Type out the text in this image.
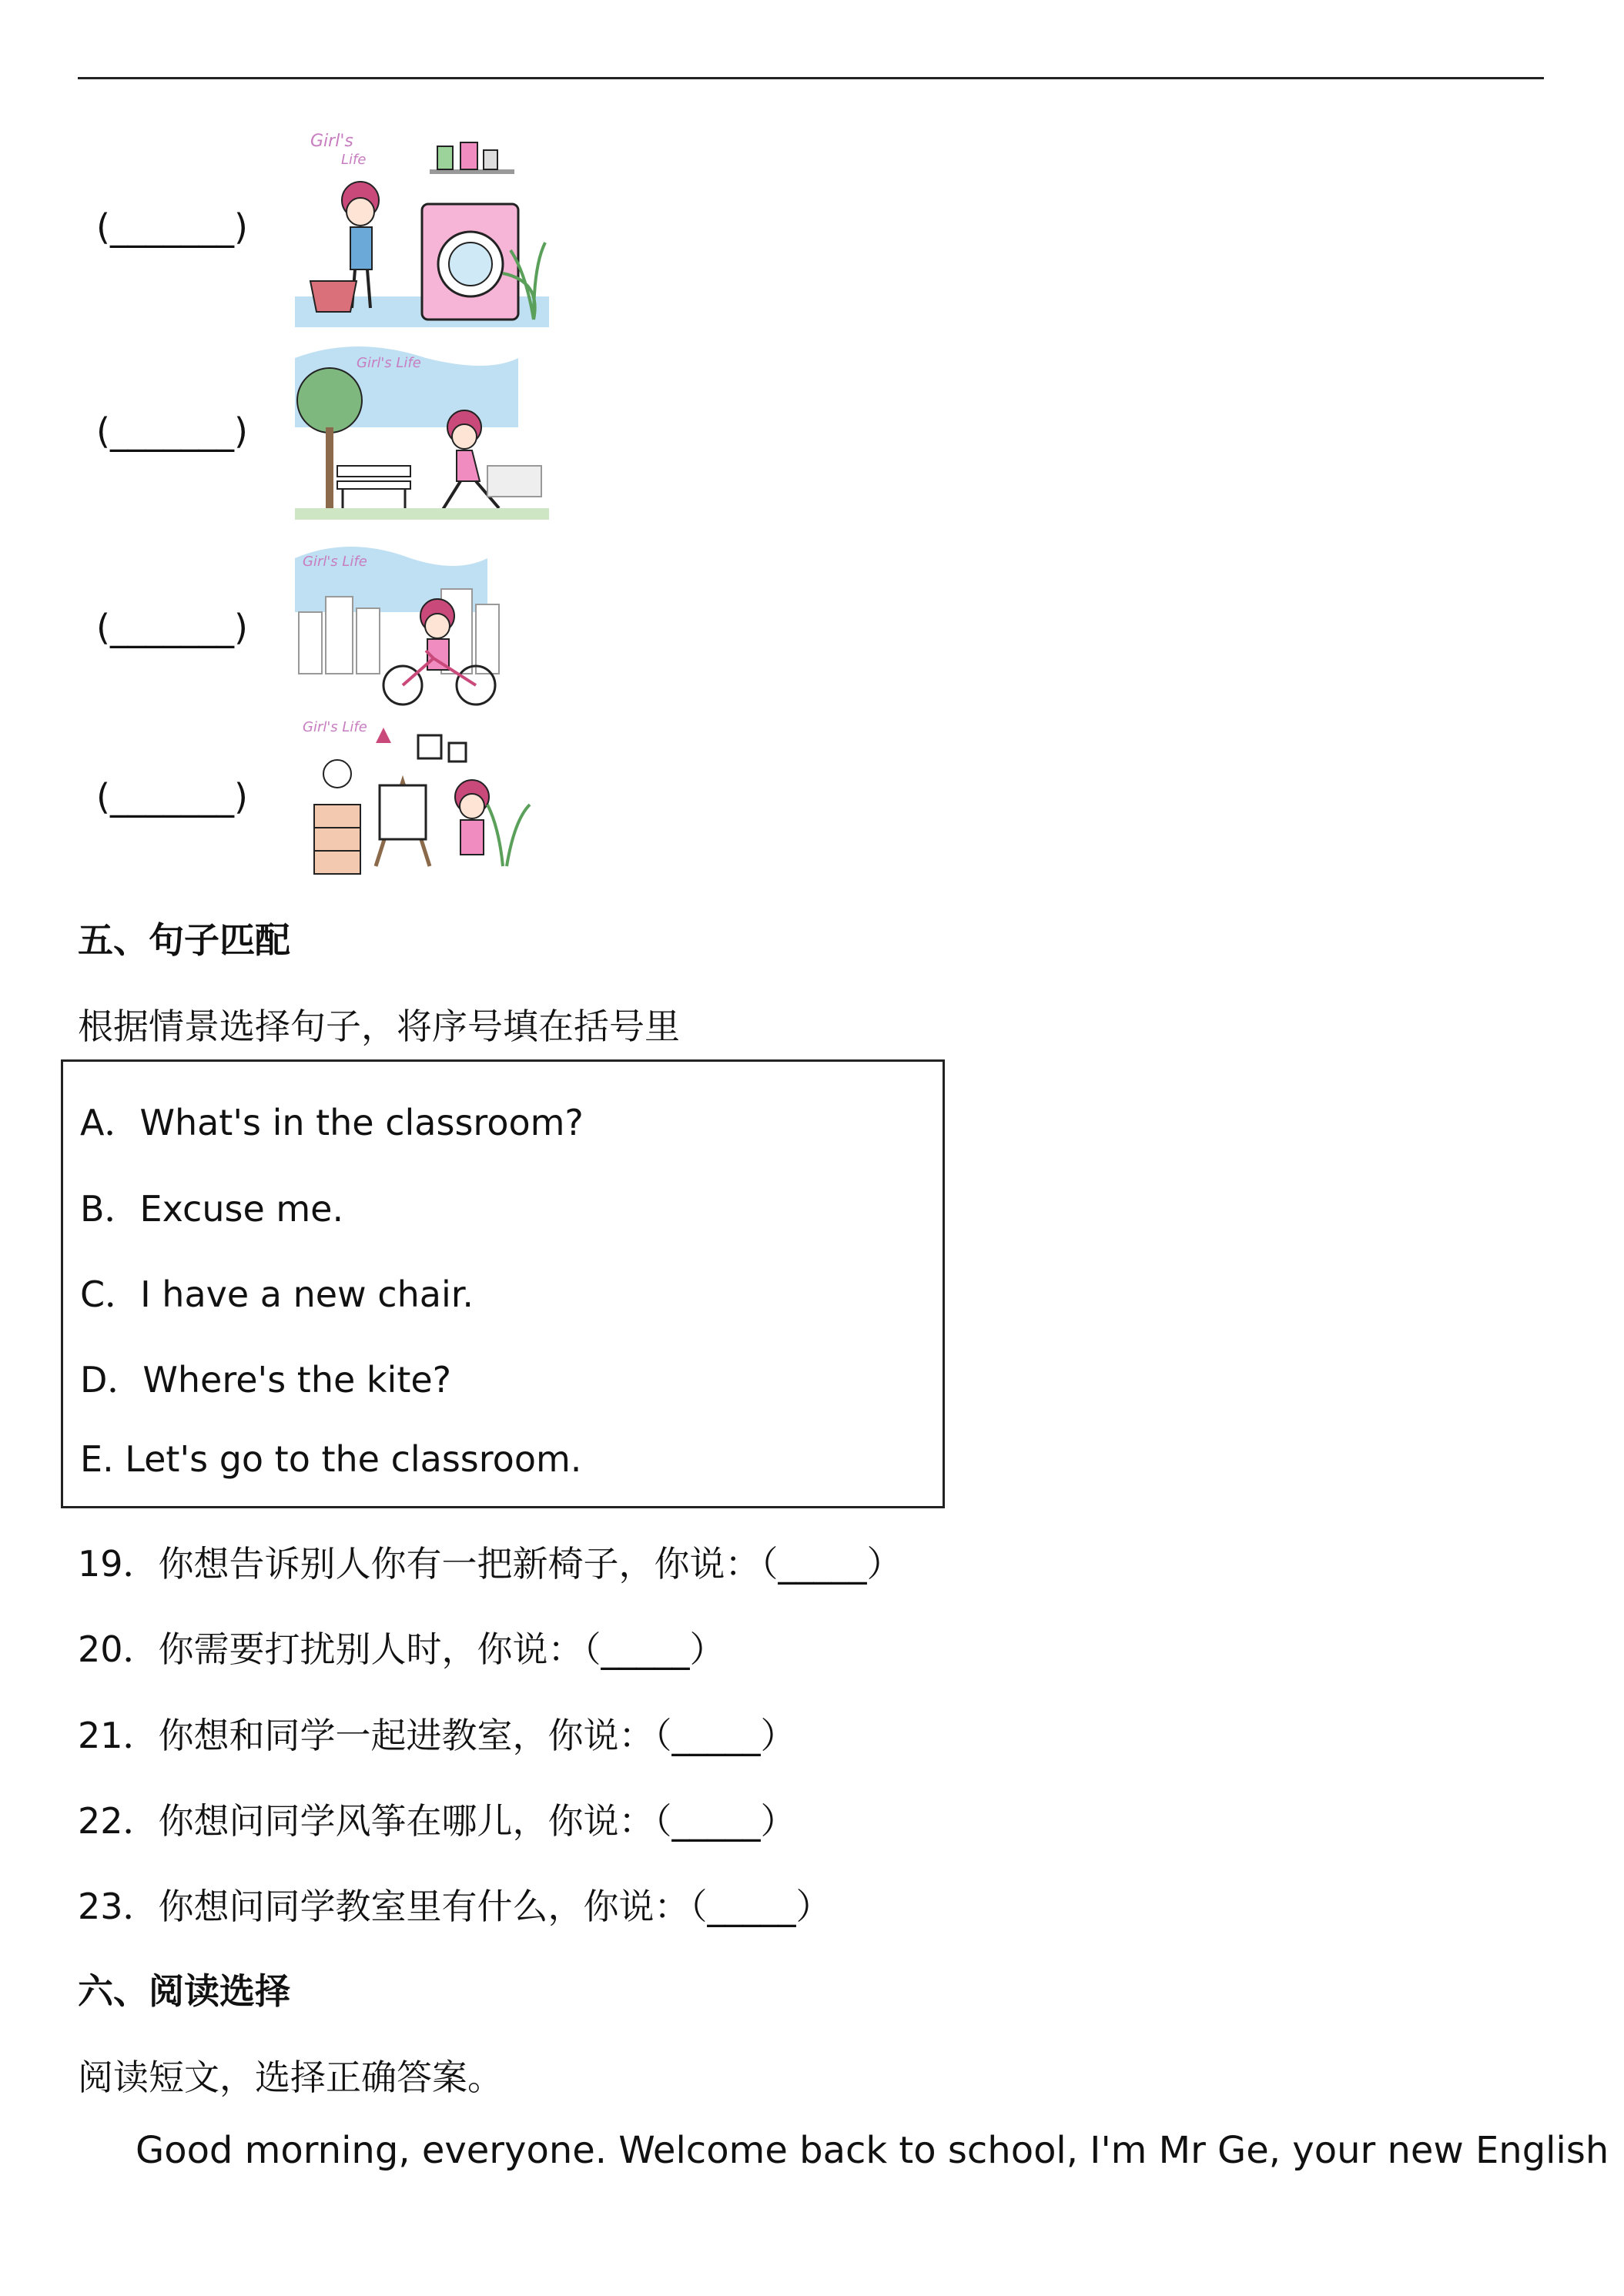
(_______)
Girl's
Life
(_______)
Girl's Life
(_______)
Girl's Life
(_______)
Girl's Life
五、句子匹配
根据情景选择句子，将序号填在括号里
A．What's in the classroom?
B．Excuse me.
C．I have a new chair.
D．Where's the kite?
E. Let's go to the classroom.
19．你想告诉别人你有一把新椅子，你说：（_____）
20．你需要打扰别人时，你说：（_____）
21．你想和同学一起进教室，你说：（_____）
22．你想问同学风筝在哪儿，你说：（_____）
23．你想问同学教室里有什么，你说：（_____）
六、阅读选择
阅读短文，选择正确答案。
Good morning, everyone. Welcome back to school, I'm Mr Ge, your new English
